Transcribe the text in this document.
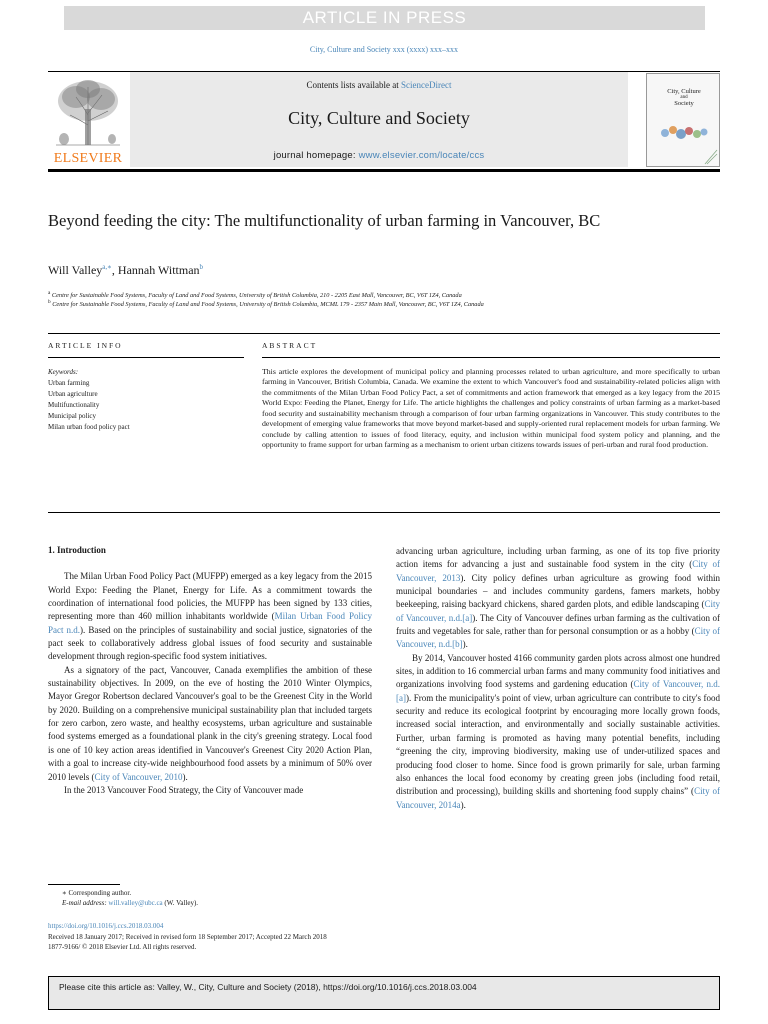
ARTICLE IN PRESS
City, Culture and Society xxx (xxxx) xxx–xxx
ELSEVIER
Contents lists available at ScienceDirect
City, Culture and Society
journal homepage: www.elsevier.com/locate/ccs
City, Culture
and
Society
Beyond feeding the city: The multifunctionality of urban farming in Vancouver, BC
Will Valley$^{a,∗}$, Hannah Wittman$^b$
$^a$ Centre for Sustainable Food Systems, Faculty of Land and Food Systems, University of British Columbia, 210 - 2205 East Mall, Vancouver, BC, V6T 1Z4, Canada
$^b$ Centre for Sustainable Food Systems, Faculty of Land and Food Systems, University of British Columbia, MCML 179 - 2357 Main Mall, Vancouver, BC, V6T 1Z4, Canada
ARTICLE INFO	ABSTRACT
Keywords:
Urban farming
Urban agriculture
Multifunctionality
Municipal policy
Milan urban food policy pact
This article explores the development of municipal policy and planning processes related to urban agriculture, and more specifically to urban farming in Vancouver, British Columbia, Canada. We examine the extent to which Vancouver's food and sustainability-related policies align with the commitments of the Milan Urban Food Policy Pact, a set of commitments and action framework that emerged as a key legacy from the 2015 World Expo: Feeding the Planet, Energy for Life. The article highlights the challenges and policy constraints of urban farming as a market-based food security and sustainability mechanism through a comparison of four urban farming organizations in Vancouver. This study contributes to the development of emerging value frameworks that move beyond market-based and supply-oriented rural replacement models for urban farming. We conclude by calling attention to issues of food literacy, equity, and inclusion within municipal food system policy and planning, and the opportunity to frame support for urban farming as a mechanism to orient urban citizens towards issues of peri-urban and rural food production.
1. Introduction

The Milan Urban Food Policy Pact (MUFPP) emerged as a key legacy from the 2015 World Expo: Feeding the Planet, Energy for Life. As a commitment towards the coordination of international food policies, the MUFPP has been signed by 133 cities, representing more than 460 million inhabitants worldwide (Milan Urban Food Policy Pact n.d.). Based on the principles of sustainability and social justice, signatories of the pact seek to collaboratively address global issues of food security and sustainable development through region-specific food system initiatives.

As a signatory of the pact, Vancouver, Canada exemplifies the ambition of these sustainability objectives. In 2009, on the eve of hosting the 2010 Winter Olympics, Mayor Gregor Robertson declared Vancouver's goal to be the Greenest City in the World by 2020. Building on a comprehensive municipal sustainability plan that included targets for zero carbon, zero waste, and healthy ecosystems, urban agriculture and sustainable food systems emerged as a foundational plank in the city's greening strategy. Local food is one of 10 key action areas identified in Vancouver's Greenest City 2020 Action Plan, with a goal to increase city-wide neighbourhood food assets by a minimum of 50% over 2010 levels (City of Vancouver, 2010).

In the 2013 Vancouver Food Strategy, the City of Vancouver made

advancing urban agriculture, including urban farming, as one of its top five priority action items for advancing a just and sustainable food system in the city (City of Vancouver, 2013). City policy defines urban agriculture as growing food within municipal boundaries – and includes community gardens, famers markets, hobby beekeeping, raising backyard chickens, shared garden plots, and edible landscaping (City of Vancouver, n.d.[a]). The City of Vancouver defines urban farming as the cultivation of fruits and vegetables for sale, rather than for personal consumption or as a hobby (City of Vancouver, n.d.[b]).

By 2014, Vancouver hosted 4166 community garden plots across almost one hundred sites, in addition to 16 commercial urban farms and many community food initiatives and organizations involving food systems and gardening education (City of Vancouver, n.d.[a]). From the municipality's point of view, urban agriculture can contribute to city's food security and reduce its ecological footprint by encouraging more locally grown foods, increased social interaction, and environmentally and socially sustainable activities. Further, urban farming is promoted as having many potential benefits, including “greening the city, improving biodiversity, making use of under-utilized spaces and producing food closer to home. Since food is grown primarily for sale, urban farming also enhances the local food economy by creating green jobs (including food retail, distribution and processing), building skills and shortening food supply chains” (City of Vancouver, 2014a).

∗ Corresponding author.
E-mail address: will.valley@ubc.ca (W. Valley).
https://doi.org/10.1016/j.ccs.2018.03.004
Received 18 January 2017; Received in revised form 18 September 2017; Accepted 22 March 2018
1877-9166/ © 2018 Elsevier Ltd. All rights reserved.
Please cite this article as: Valley, W., City, Culture and Society (2018), https://doi.org/10.1016/j.ccs.2018.03.004
